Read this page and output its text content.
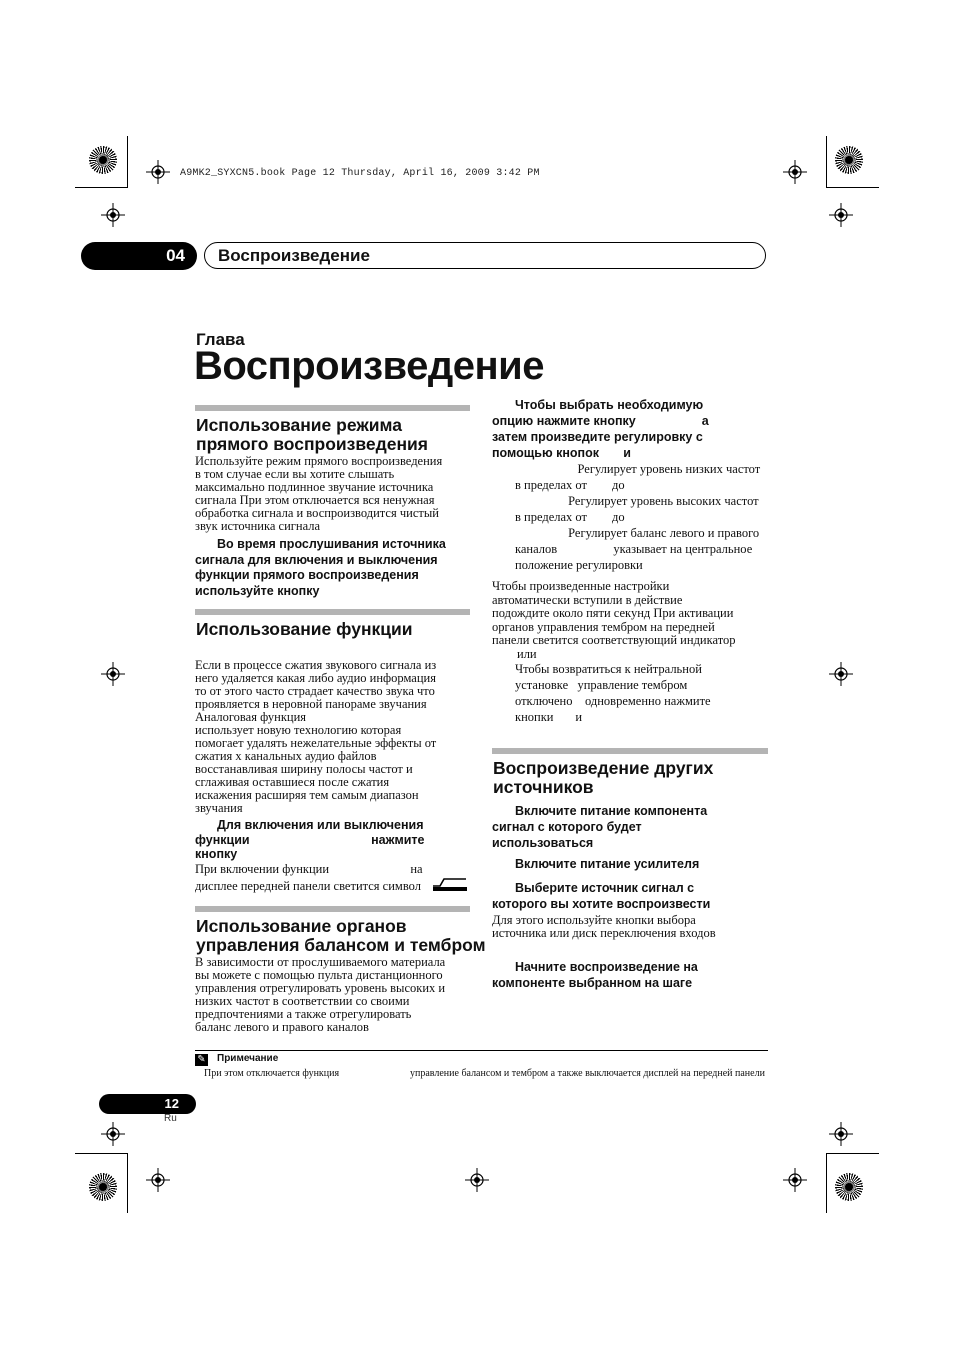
A9MK2_SYXCN5.book Page 12 Thursday, April 16, 2009 3:42 PM
04	Воспроизведение
Глава
Воспроизведение
Использование режима
прямого воспроизведения
Используйте режим прямого воспроизведения
в том случае если вы хотите слышать
максимально подлинное звучание источника
сигнала При этом отключается вся ненужная
обработка сигнала и воспроизводится чистый
звук источника сигнала
Во время прослушивания источника
сигнала для включения и выключения
функции прямого воспроизведения
используйте кнопку
Использование функции
Если в процессе сжатия звукового сигнала из
него удаляется какая либо аудио информация
то от этого часто страдает качество звука что
проявляется в неровной панораме звучания
Аналоговая функция
использует новую технологию которая
помогает удалять нежелательные эффекты от
сжатия х канальных аудио файлов
восстанавливая ширину полосы частот и
сглаживая оставшиеся после сжатия
искажения расширяя тем самым диапазон
звучания
Для включения или выключения
функции                                   нажмите
кнопку
При включении функции                          на
дисплее передней панели светится символ
Использование органов
управления балансом и тембром
В зависимости от прослушиваемого материала
вы можете с помощью пульта дистанционного
управления отрегулировать уровень высоких и
низких частот в соответствии со своими
предпочтениями а также отрегулировать
баланс левого и правого каналов
Чтобы выбрать необходимую
опцию нажмите кнопку                   а
затем произведите регулировку с
помощью кнопок       и
Регулирует уровень низких частот
в пределах от        до
Регулирует уровень высоких частот
в пределах от        до
Регулирует баланс левого и правого
каналов                  указывает на центральное
положение регулировки
Чтобы произведенные настройки
автоматически вступили в действие
подождите около пяти секунд При активации
органов управления тембром на передней
панели светится соответствующий индикатор
или
Чтобы возвратиться к нейтральной
установке   управление тембром
отключено    одновременно нажмите
кнопки       и
Воспроизведение других
источников
Включите питание компонента
сигнал с которого будет
использоваться
Включите питание усилителя
Выберите источник сигнал с
которого вы хотите воспроизвести
Для этого используйте кнопки выбора
источника или диск переключения входов
Начните воспроизведение на
компоненте выбранном на шаге
✎ Примечание
При этом отключается функция	управление балансом и тембром а также выключается дисплей на передней панели
12
Ru
